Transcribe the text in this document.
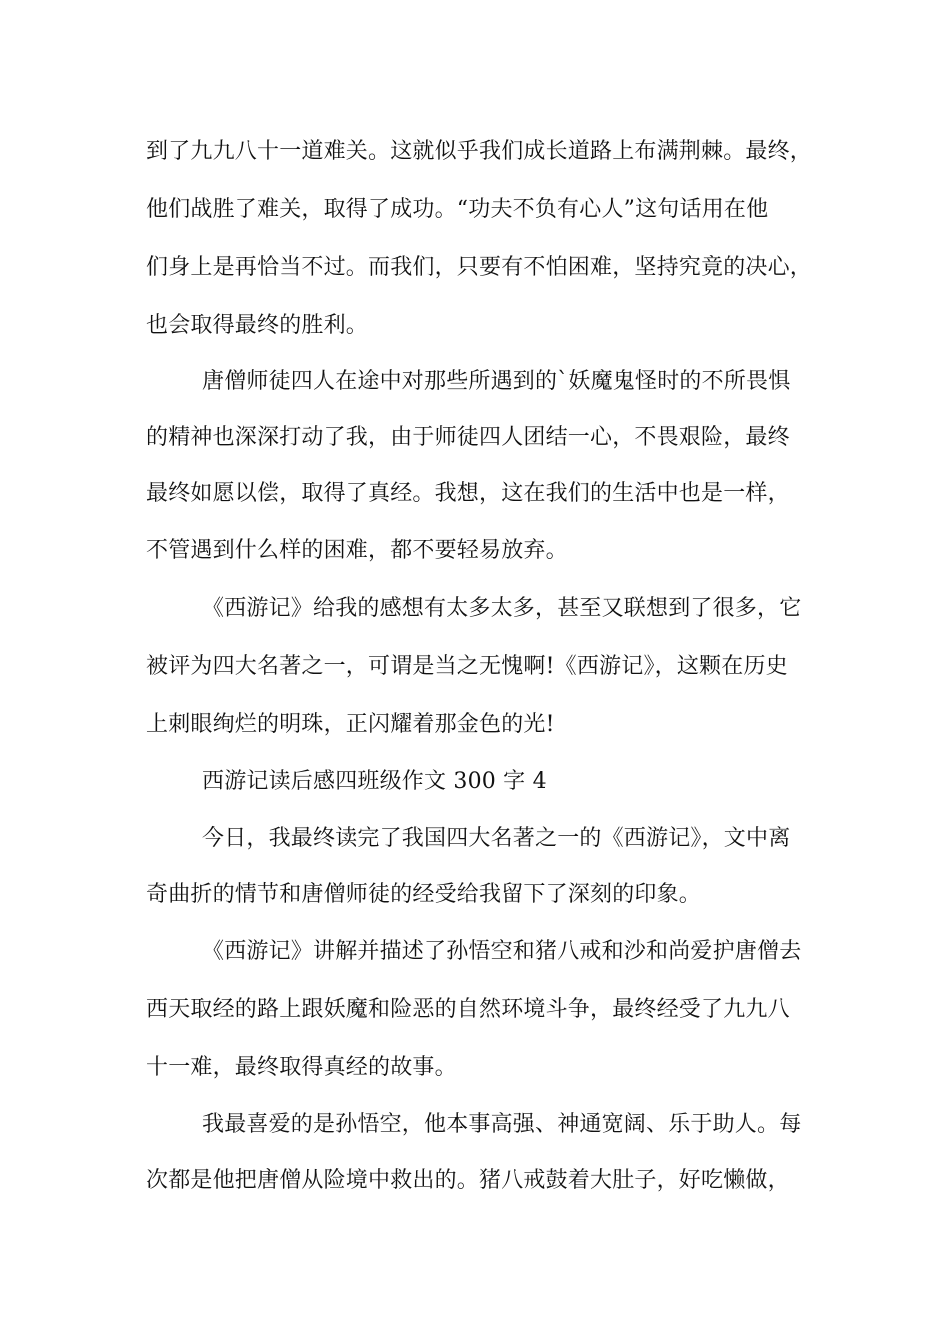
到了九九八十一道难关。这就似乎我们成长道路上布满荆棘。最终，
他们战胜了难关，取得了成功。“功夫不负有心人”这句话用在他
们身上是再恰当不过。而我们，只要有不怕困难，坚持究竟的决心，
也会取得最终的胜利。
唐僧师徒四人在途中对那些所遇到的`妖魔鬼怪时的不所畏惧
的精神也深深打动了我，由于师徒四人团结一心，不畏艰险，最终
最终如愿以偿，取得了真经。我想，这在我们的生活中也是一样，
不管遇到什么样的困难，都不要轻易放弃。
《西游记》给我的感想有太多太多，甚至又联想到了很多，它
被评为四大名著之一，可谓是当之无愧啊!《西游记》，这颗在历史
上刺眼绚烂的明珠，正闪耀着那金色的光!
西游记读后感四班级作文 300 字 4
今日，我最终读完了我国四大名著之一的《西游记》，文中离
奇曲折的情节和唐僧师徒的经受给我留下了深刻的印象。
《西游记》讲解并描述了孙悟空和猪八戒和沙和尚爱护唐僧去
西天取经的路上跟妖魔和险恶的自然环境斗争，最终经受了九九八
十一难，最终取得真经的故事。
我最喜爱的是孙悟空，他本事高强、神通宽阔、乐于助人。每
次都是他把唐僧从险境中救出的。猪八戒鼓着大肚子，好吃懒做，
